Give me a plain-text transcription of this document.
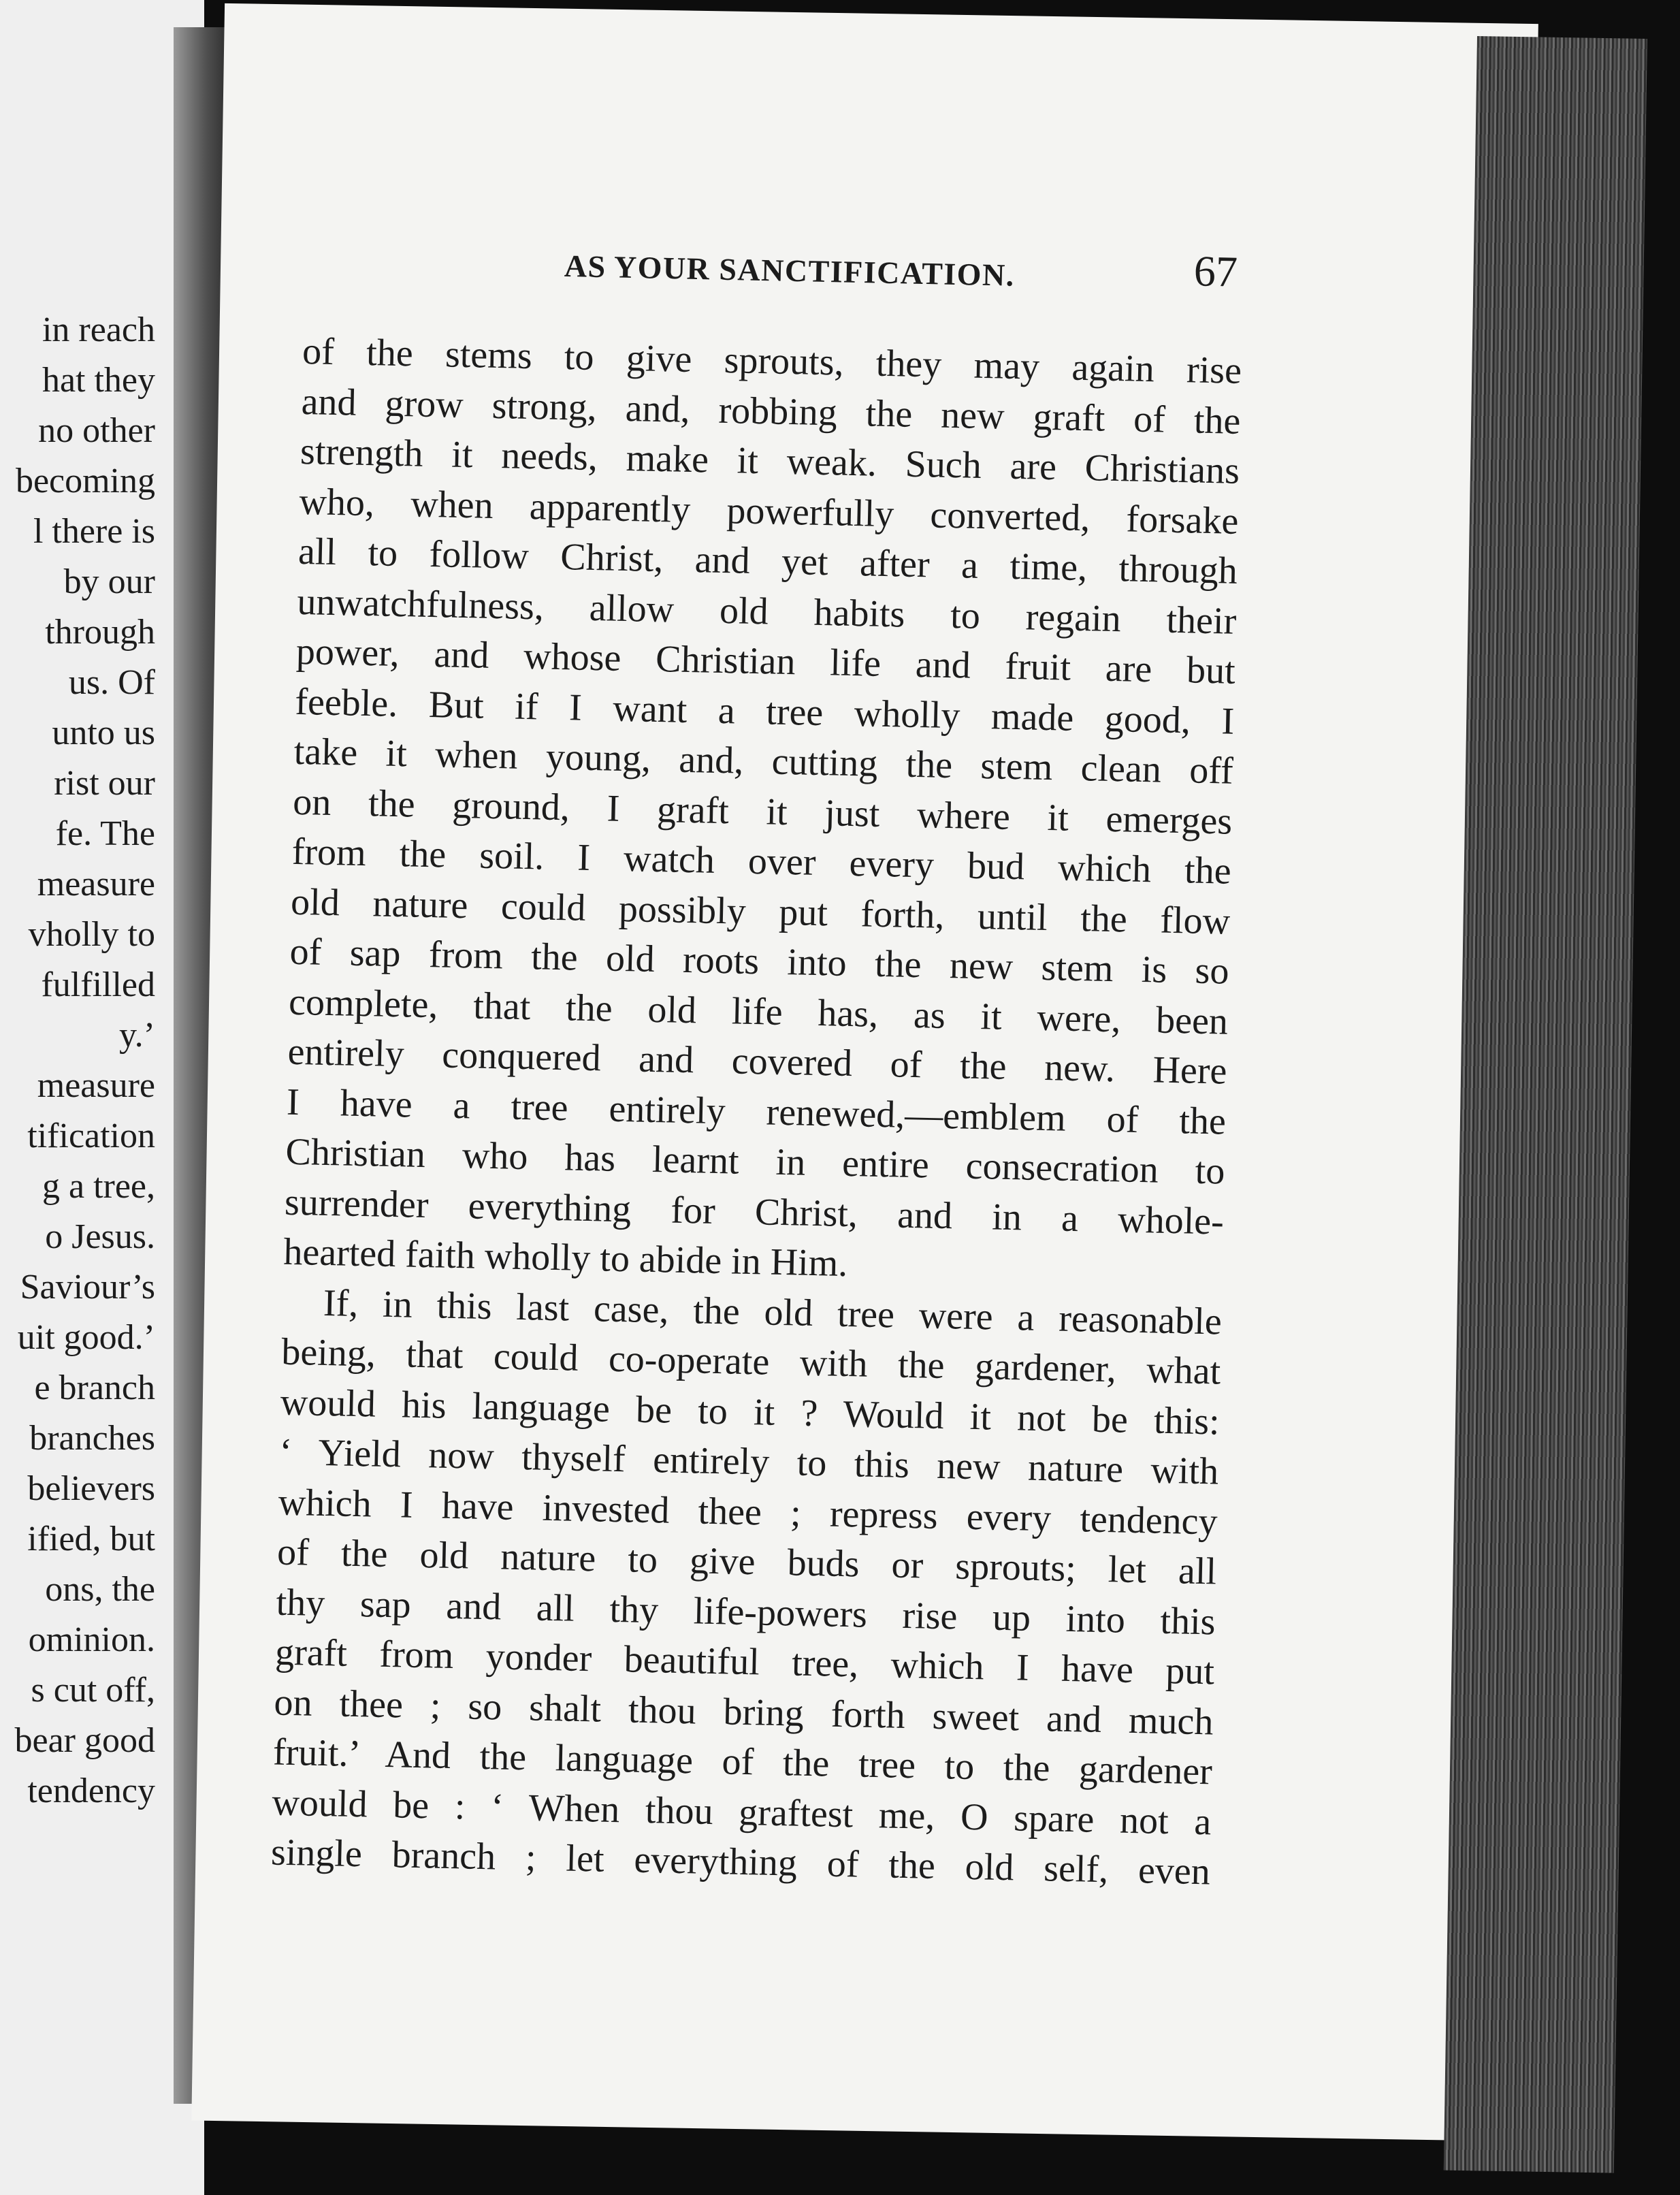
in reach
hat they
no other
becoming
l there is
by our
through
us. Of
unto us
rist our
fe. The
measure
vholly to
fulfilled
y.’
measure
tification
g a tree,
o Jesus.
Saviour’s
uit good.’
e branch
branches
believers
ified, but
ons, the
ominion.
s cut off,
bear good
tendency
AS YOUR SANCTIFICATION.	67
of the stems to give sprouts, they may again rise
and grow strong, and, robbing the new graft of the
strength it needs, make it weak. Such are Christians
who, when apparently powerfully converted, forsake
all to follow Christ, and yet after a time, through
unwatchfulness, allow old habits to regain their
power, and whose Christian life and fruit are but
feeble. But if I want a tree wholly made good, I
take it when young, and, cutting the stem clean off
on the ground, I graft it just where it emerges
from the soil. I watch over every bud which the
old nature could possibly put forth, until the flow
of sap from the old roots into the new stem is so
complete, that the old life has, as it were, been
entirely conquered and covered of the new. Here
I have a tree entirely renewed,—emblem of the
Christian who has learnt in entire consecration to
surrender everything for Christ, and in a whole-
hearted faith wholly to abide in Him.
If, in this last case, the old tree were a reasonable
being, that could co-operate with the gardener, what
would his language be to it ? Would it not be this:
‘ Yield now thyself entirely to this new nature with
which I have invested thee ; repress every tendency
of the old nature to give buds or sprouts; let all
thy sap and all thy life-powers rise up into this
graft from yonder beautiful tree, which I have put
on thee ; so shalt thou bring forth sweet and much
fruit.’ And the language of the tree to the gardener
would be : ‘ When thou graftest me, O spare not a
single branch ; let everything of the old self, even
